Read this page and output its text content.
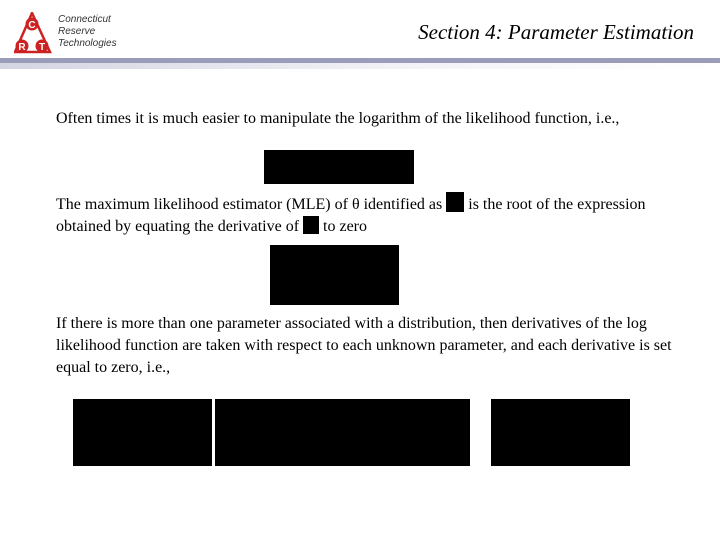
C
R T
Connecticut
Reserve
Technologies	Section 4: Parameter Estimation
Often times it is much easier to manipulate the logarithm of the likelihood function, i.e.,
The maximum likelihood estimator (MLE) of θ identified as is the root of the expression obtained by equating the derivative of to zero
If there is more than one parameter associated with a distribution, then derivatives of the log likelihood function are taken with respect to each unknown parameter, and each derivative is set equal to zero, i.e.,
